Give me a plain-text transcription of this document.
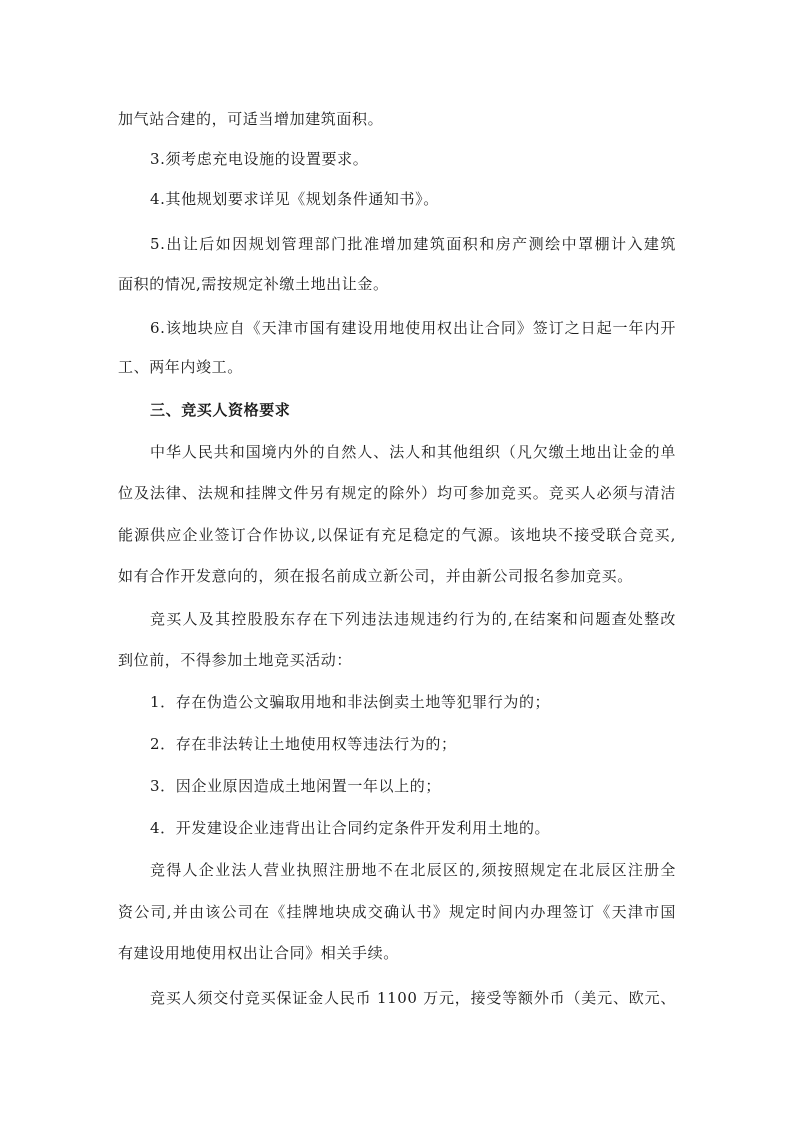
加气站合建的，可适当增加建筑面积。
3.须考虑充电设施的设置要求。
4.其他规划要求详见《规划条件通知书》。
5.出让后如因规划管理部门批准增加建筑面积和房产测绘中罩棚计入建筑
面积的情况,需按规定补缴土地出让金。
6.该地块应自《天津市国有建设用地使用权出让合同》签订之日起一年内开
工、两年内竣工。
三、竞买人资格要求
中华人民共和国境内外的自然人、法人和其他组织（凡欠缴土地出让金的单
位及法律、法规和挂牌文件另有规定的除外）均可参加竞买。竞买人必须与清洁
能源供应企业签订合作协议,以保证有充足稳定的气源。该地块不接受联合竞买,
如有合作开发意向的，须在报名前成立新公司，并由新公司报名参加竞买。
竞买人及其控股股东存在下列违法违规违约行为的,在结案和问题查处整改
到位前，不得参加土地竞买活动：
1．存在伪造公文骗取用地和非法倒卖土地等犯罪行为的；
2．存在非法转让土地使用权等违法行为的；
3．因企业原因造成土地闲置一年以上的；
4．开发建设企业违背出让合同约定条件开发利用土地的。
竞得人企业法人营业执照注册地不在北辰区的,须按照规定在北辰区注册全
资公司,并由该公司在《挂牌地块成交确认书》规定时间内办理签订《天津市国
有建设用地使用权出让合同》相关手续。
竞买人须交付竞买保证金人民币 1100 万元，接受等额外币（美元、欧元、
